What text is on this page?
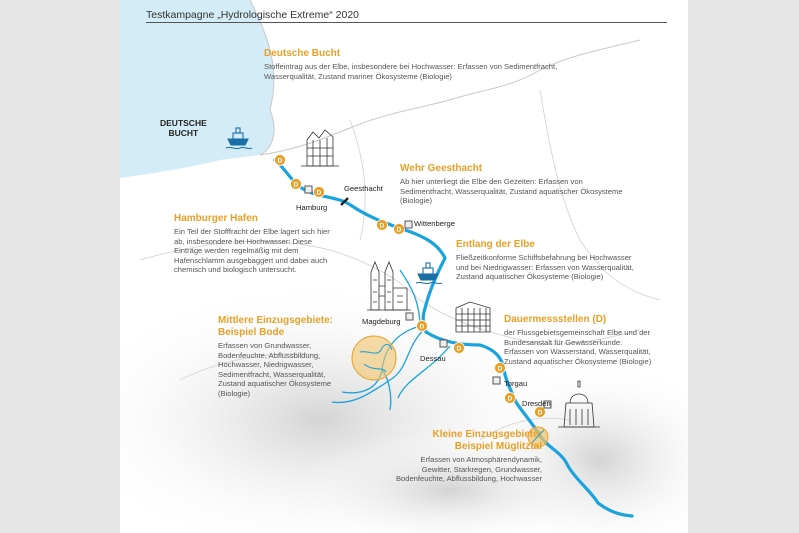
D
D
D
D
D
D
D
D
D
D
Testkampagne „Hydrologische Extreme“ 2020
DEUTSCHE
BUCHT
Hamburg
Geesthacht
Wittenberge
Magdeburg
Dessau
Torgau
Dresden
Deutsche Bucht
Stoffeintrag aus der Elbe, insbesondere bei Hochwasser: Erfassen von Sedimentfracht, Wasserqualität, Zustand mariner Ökosysteme (Biologie)
Wehr Geesthacht
Ab hier unterliegt die Elbe den Gezeiten: Erfassen von Sedimentfracht, Wasserqualität, Zustand aquatischer Ökosysteme (Biologie)
Hamburger Hafen
Ein Teil der Stofffracht der Elbe lagert sich hier ab, insbesondere bei Hochwasser: Diese Einträge werden regelmäßig mit dem Hafenschlamm ausgebaggert und dabei auch chemisch und biologisch untersucht.
Entlang der Elbe
Fließzeitkonforme Schiffsbefahrung bei Hochwasser und bei Niedrigwasser: Erfassen von Wasserqualität, Zustand aquatischer Ökosysteme (Biologie)
Mittlere Einzugsgebiete: Beispiel Bode
Erfassen von Grundwasser, Bodenfeuchte, Abflussbildung, Hochwasser, Niedrigwasser, Sedimentfracht, Wasserqualität, Zustand aquatischer Ökosysteme (Biologie)
Dauermessstellen (D)
der Flussgebietsgemeinschaft Elbe und der Bundesanstalt für Gewässerkunde: Erfassen von Wasserstand, Wasserqualität, Zustand aquatischer Ökosysteme (Biologie)
Kleine Einzugsgebiete: Beispiel Müglitztal
Erfassen von Atmosphärendynamik, Gewitter, Starkregen, Grundwasser, Bodenfeuchte, Abflussbildung, Hochwasser
